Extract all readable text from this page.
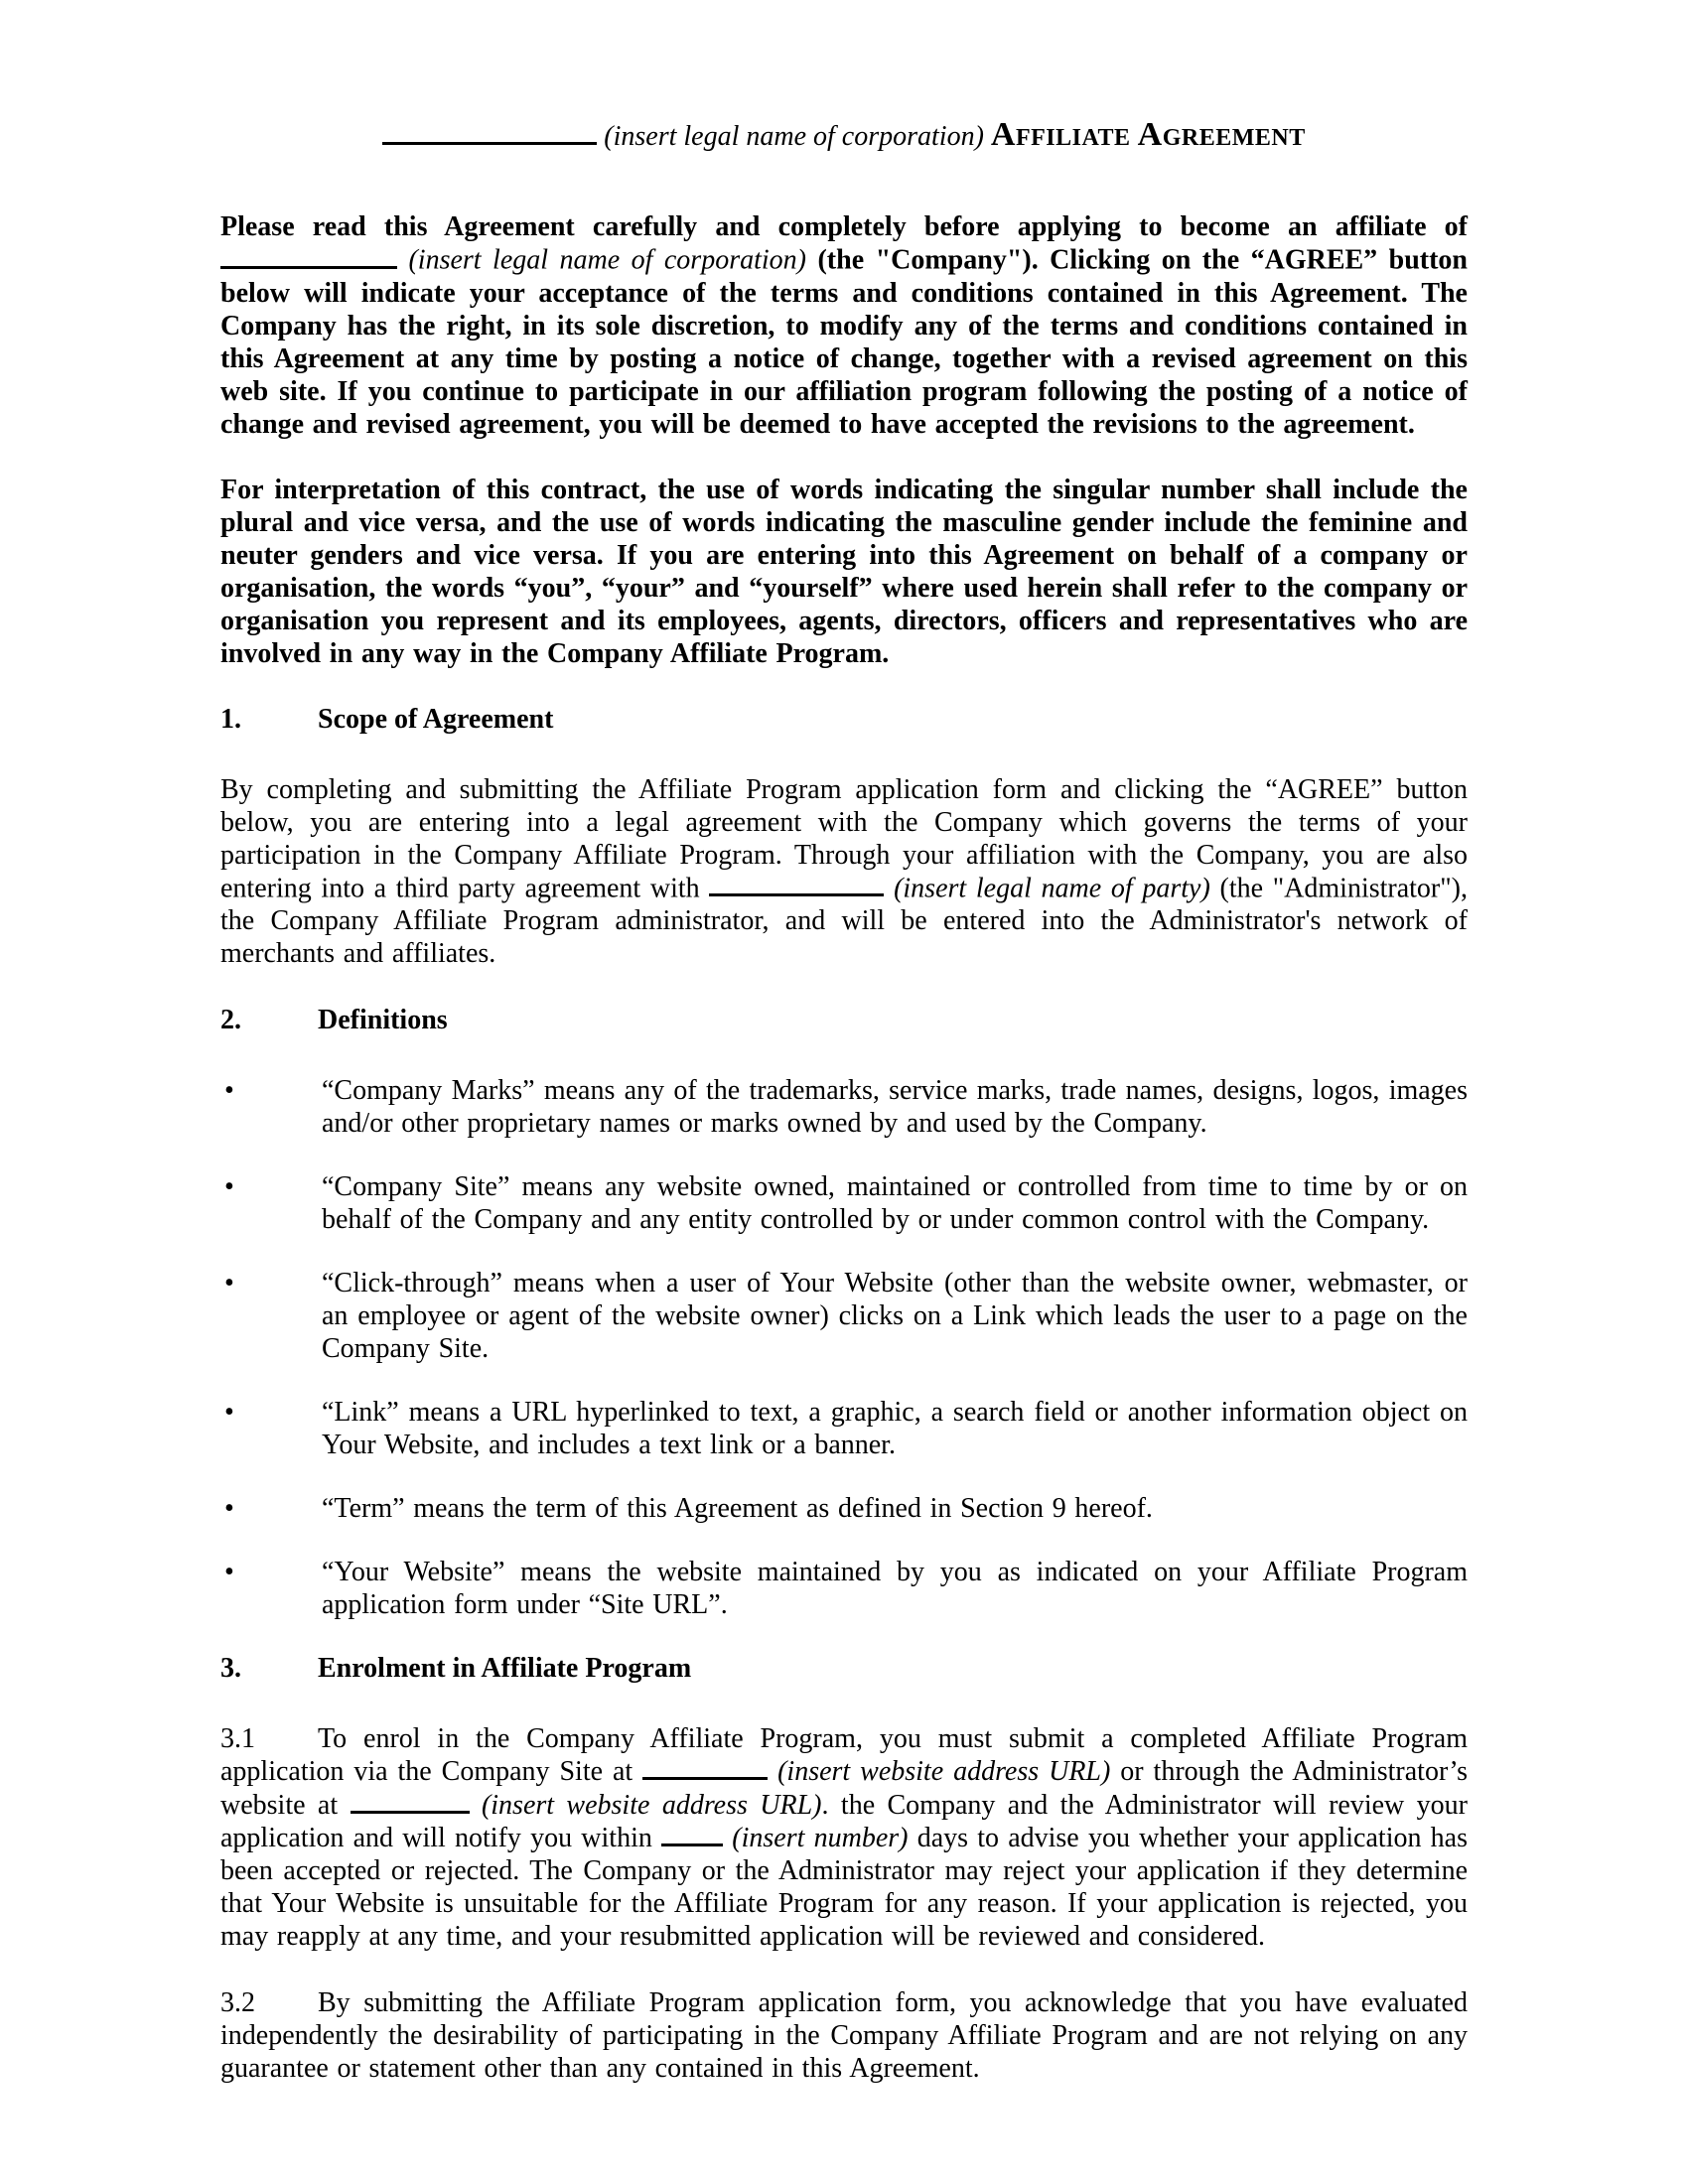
(insert legal name of corporation) Affiliate Agreement

Please read this Agreement carefully and completely before applying to become an affiliate of  (insert legal name of corporation) (the "Company"). Clicking on the “AGREE” button below will indicate your acceptance of the terms and conditions contained in this Agreement. The Company has the right, in its sole discretion, to modify any of the terms and conditions contained in this Agreement at any time by posting a notice of change, together with a revised agreement on this web site. If you continue to participate in our affiliation program following the posting of a notice of change and revised agreement, you will be deemed to have accepted the revisions to the agreement.

For interpretation of this contract, the use of words indicating the singular number shall include the plural and vice versa, and the use of words indicating the masculine gender include the feminine and neuter genders and vice versa. If you are entering into this Agreement on behalf of a company or organisation, the words “you”, “your” and “yourself” where used herein shall refer to the company or organisation you represent and its employees, agents, directors, officers and representatives who are involved in any way in the Company Affiliate Program.

1.	Scope of Agreement

By completing and submitting the Affiliate Program application form and clicking the “AGREE” button below, you are entering into a legal agreement with the Company which governs the terms of your participation in the Company Affiliate Program. Through your affiliation with the Company, you are also entering into a third party agreement with	(insert legal name of party) (the "Administrator"), the Company Affiliate Program administrator, and will be entered into the Administrator's network of merchants and affiliates.

2.	Definitions
•	“Company Marks” means any of the trademarks, service marks, trade names, designs, logos, images and/or other proprietary names or marks owned by and used by the Company.
•	“Company Site” means any website owned, maintained or controlled from time to time by or on behalf of the Company and any entity controlled by or under common control with the Company.
•	“Click-through” means when a user of Your Website (other than the website owner, webmaster, or an employee or agent of the website owner) clicks on a Link which leads the user to a page on the Company Site.
•	“Link” means a URL hyperlinked to text, a graphic, a search field or another information object on Your Website, and includes a text link or a banner.
•	“Term” means the term of this Agreement as defined in Section 9 hereof.
•	“Your Website” means the website maintained by you as indicated on your Affiliate Program application form under “Site URL”.
3.	Enrolment in Affiliate Program

3.1 To enrol in the Company Affiliate Program, you must submit a completed Affiliate Program application via the Company Site at	(insert website address URL) or through the Administrator’s website at	(insert website address URL). the Company and the Administrator will review your application and will notify you within	(insert number) days to advise you whether your application has been accepted or rejected. The Company or the Administrator may reject your application if they determine that Your Website is unsuitable for the Affiliate Program for any reason. If your application is rejected, you may reapply at any time, and your resubmitted application will be reviewed and considered.

3.2 By submitting the Affiliate Program application form, you acknowledge that you have evaluated independently the desirability of participating in the Company Affiliate Program and are not relying on any guarantee or statement other than any contained in this Agreement.
